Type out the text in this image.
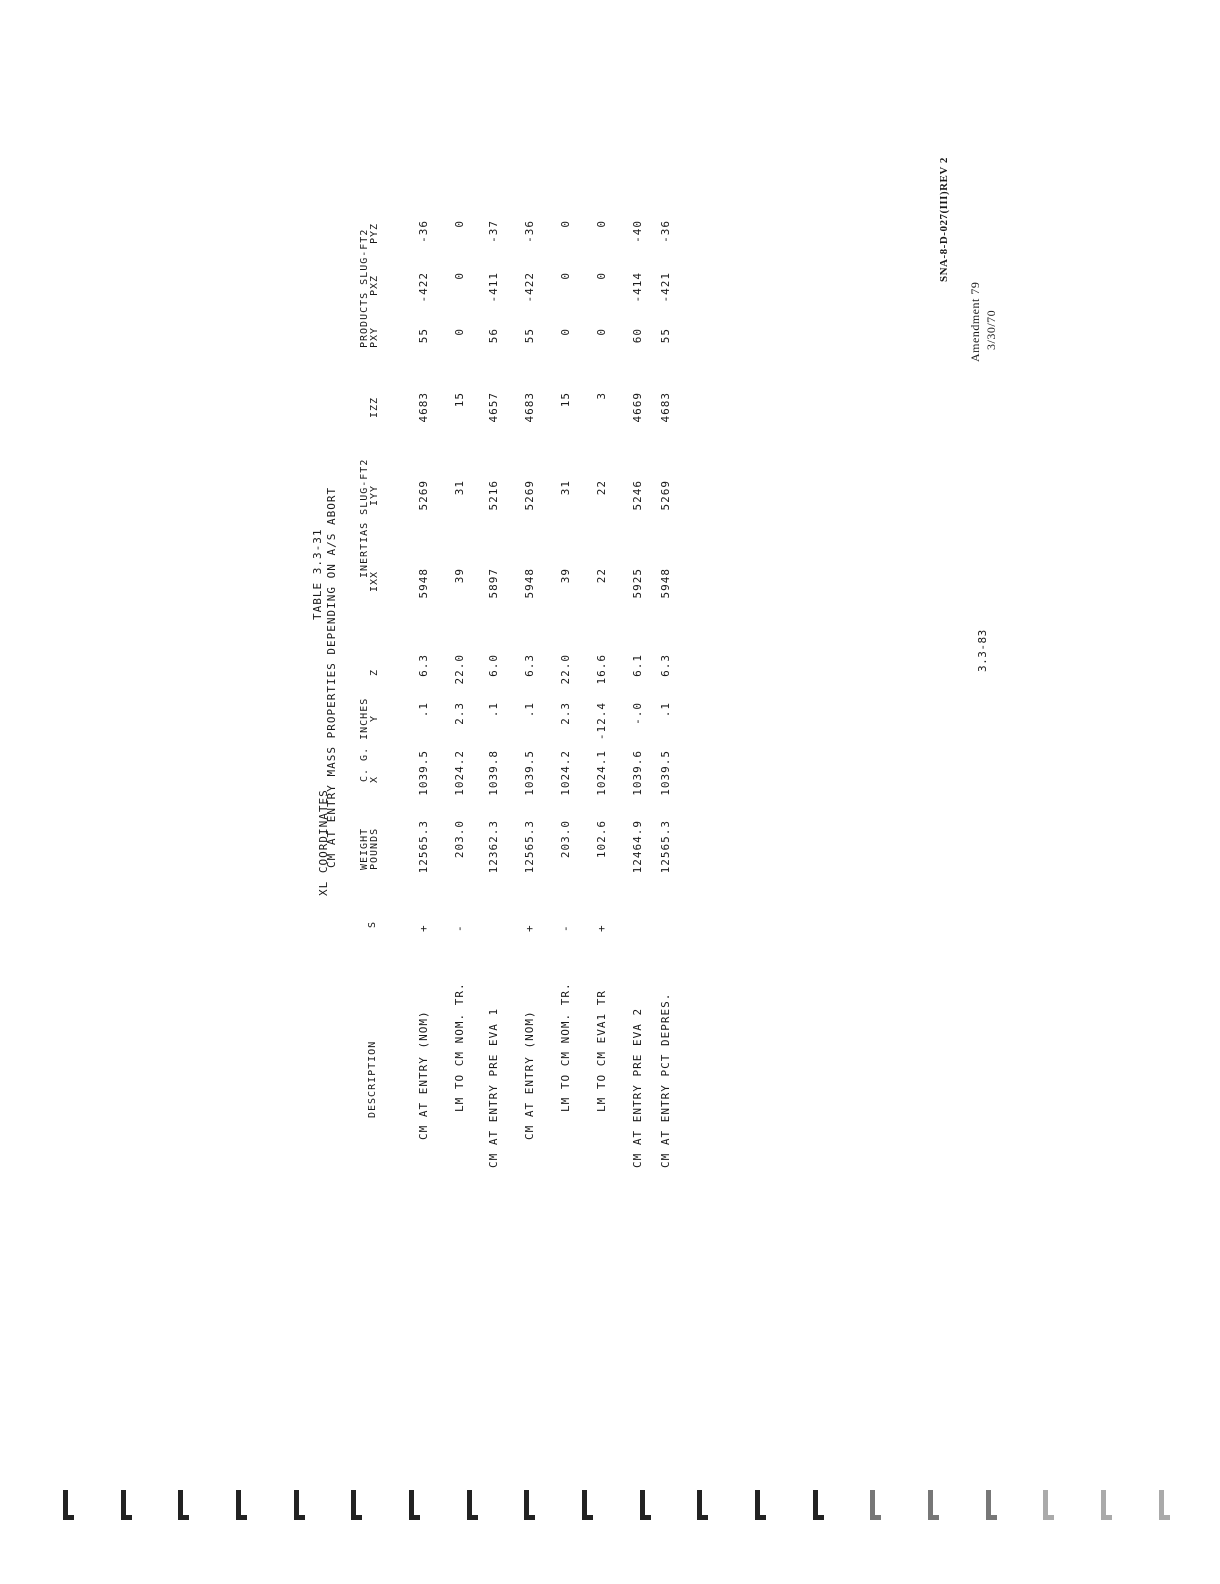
Amendment 79 3/30/70
3.3-83
SNA-8-D-027(III)REV 2
XL COORDINATES
TABLE 3.3-31 CM AT ENTRY MASS PROPERTIES DEPENDING ON A/S ABORT
DESCRIPTION
S
WEIGHT POUNDS
C. G. INCHES X
Y
Z
INERTIAS SLUG-FT2
IXX
IYY
IZZ
PRODUCTS SLUG-FT2 PXY
PXZ
PYZ
CM AT ENTRY (NOM)
+
12565.3
1039.5
.1
6.3
5948
5269
4683
55
-422
-36
LM TO CM NOM. TR.
-
203.0
1024.2
2.3
22.0
39
31
15
0
0
0
CM AT ENTRY PRE EVA 1
12362.3
1039.8
.1
6.0
5897
5216
4657
56
-411
-37
CM AT ENTRY (NOM)
+
12565.3
1039.5
.1
6.3
5948
5269
4683
55
-422
-36
LM TO CM NOM. TR.
-
203.0
1024.2
2.3
22.0
39
31
15
0
0
0
LM TO CM EVA1 TR
+
102.6
1024.1
-12.4
16.6
22
22
3
0
0
0
CM AT ENTRY PRE EVA 2
12464.9
1039.6
-.0
6.1
5925
5246
4669
60
-414
-40
CM AT ENTRY PCT DEPRES.
12565.3
1039.5
.1
6.3
5948
5269
4683
55
-421
-36
